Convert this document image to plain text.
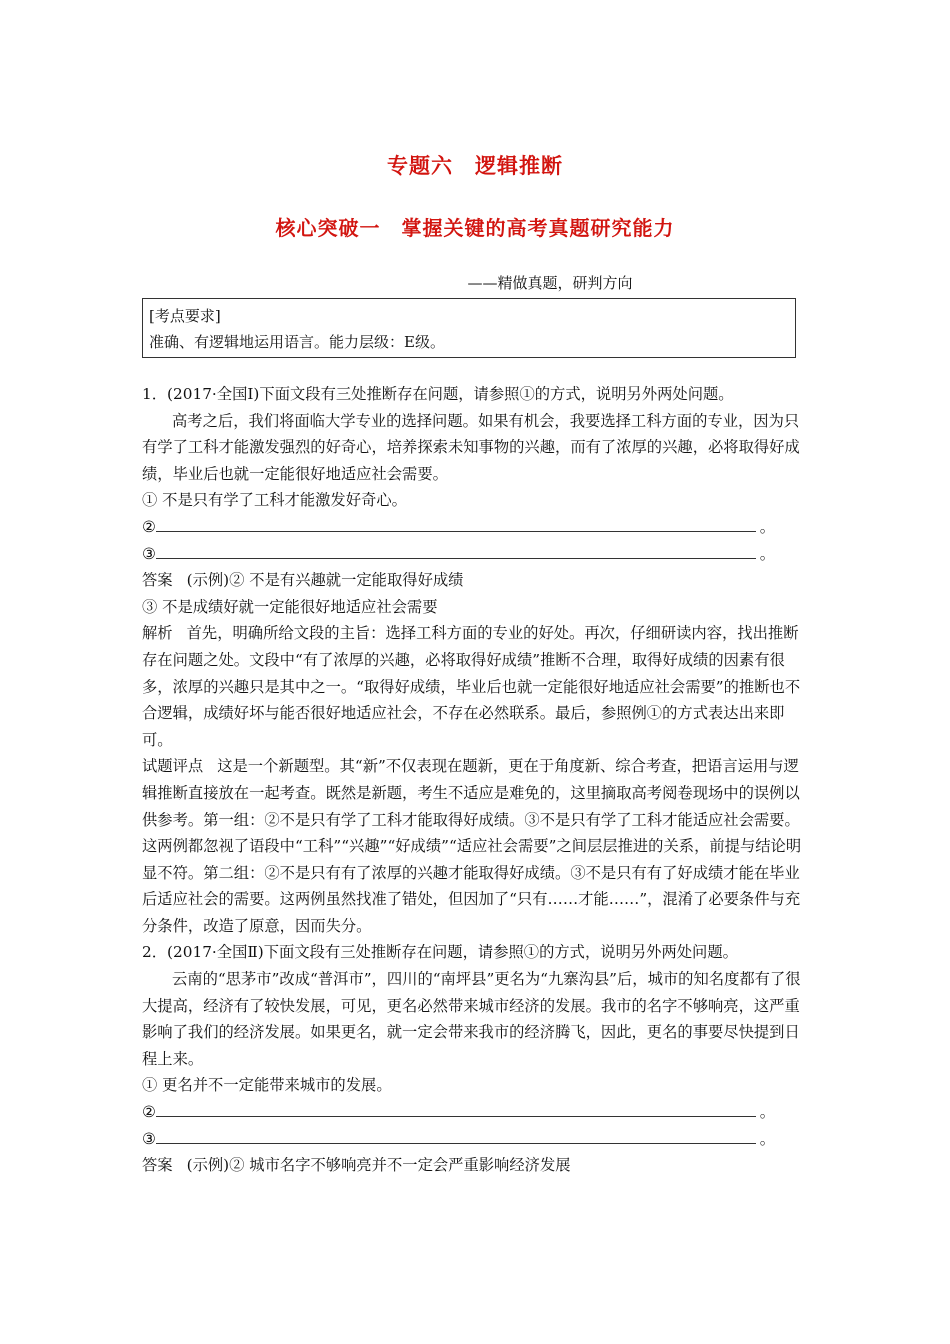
专题六　逻辑推断
核心突破一　掌握关键的高考真题研究能力
——精做真题，研判方向
[考点要求]
准确、有逻辑地运用语言。能力层级：E级。

1．(2017·全国Ⅰ)下面文段有三处推断存在问题，请参照①的方式，说明另外两处问题。

高考之后，我们将面临大学专业的选择问题。如果有机会，我要选择工科方面的专业，因为只有学了工科才能激发强烈的好奇心，培养探索未知事物的兴趣，而有了浓厚的兴趣，必将取得好成绩，毕业后也就一定能很好地适应社会需要。

① 不是只有学了工科才能激发好奇心。

②	。

③	。

答案 (示例)② 不是有兴趣就一定能取得好成绩

③ 不是成绩好就一定能很好地适应社会需要

解析 首先，明确所给文段的主旨：选择工科方面的专业的好处。再次，仔细研读内容，找出推断存在问题之处。文段中“有了浓厚的兴趣，必将取得好成绩”推断不合理，取得好成绩的因素有很多，浓厚的兴趣只是其中之一。“取得好成绩，毕业后也就一定能很好地适应社会需要”的推断也不合逻辑，成绩好坏与能否很好地适应社会，不存在必然联系。最后，参照例①的方式表达出来即可。

试题评点 这是一个新题型。其“新”不仅表现在题新，更在于角度新、综合考查，把语言运用与逻辑推断直接放在一起考查。既然是新题，考生不适应是难免的，这里摘取高考阅卷现场中的误例以供参考。第一组：②不是只有学了工科才能取得好成绩。③不是只有学了工科才能适应社会需要。这两例都忽视了语段中“工科”“兴趣”“好成绩”“适应社会需要”之间层层推进的关系，前提与结论明显不符。第二组：②不是只有有了浓厚的兴趣才能取得好成绩。③不是只有有了好成绩才能在毕业后适应社会的需要。这两例虽然找准了错处，但因加了“只有……才能……”，混淆了必要条件与充分条件，改造了原意，因而失分。

2．(2017·全国Ⅱ)下面文段有三处推断存在问题，请参照①的方式，说明另外两处问题。

云南的“思茅市”改成“普洱市”，四川的“南坪县”更名为“九寨沟县”后，城市的知名度都有了很大提高，经济有了较快发展，可见，更名必然带来城市经济的发展。我市的名字不够响亮，这严重影响了我们的经济发展。如果更名，就一定会带来我市的经济腾飞，因此，更名的事要尽快提到日程上来。

① 更名并不一定能带来城市的发展。

②	。

③	。

答案 (示例)② 城市名字不够响亮并不一定会严重影响经济发展
